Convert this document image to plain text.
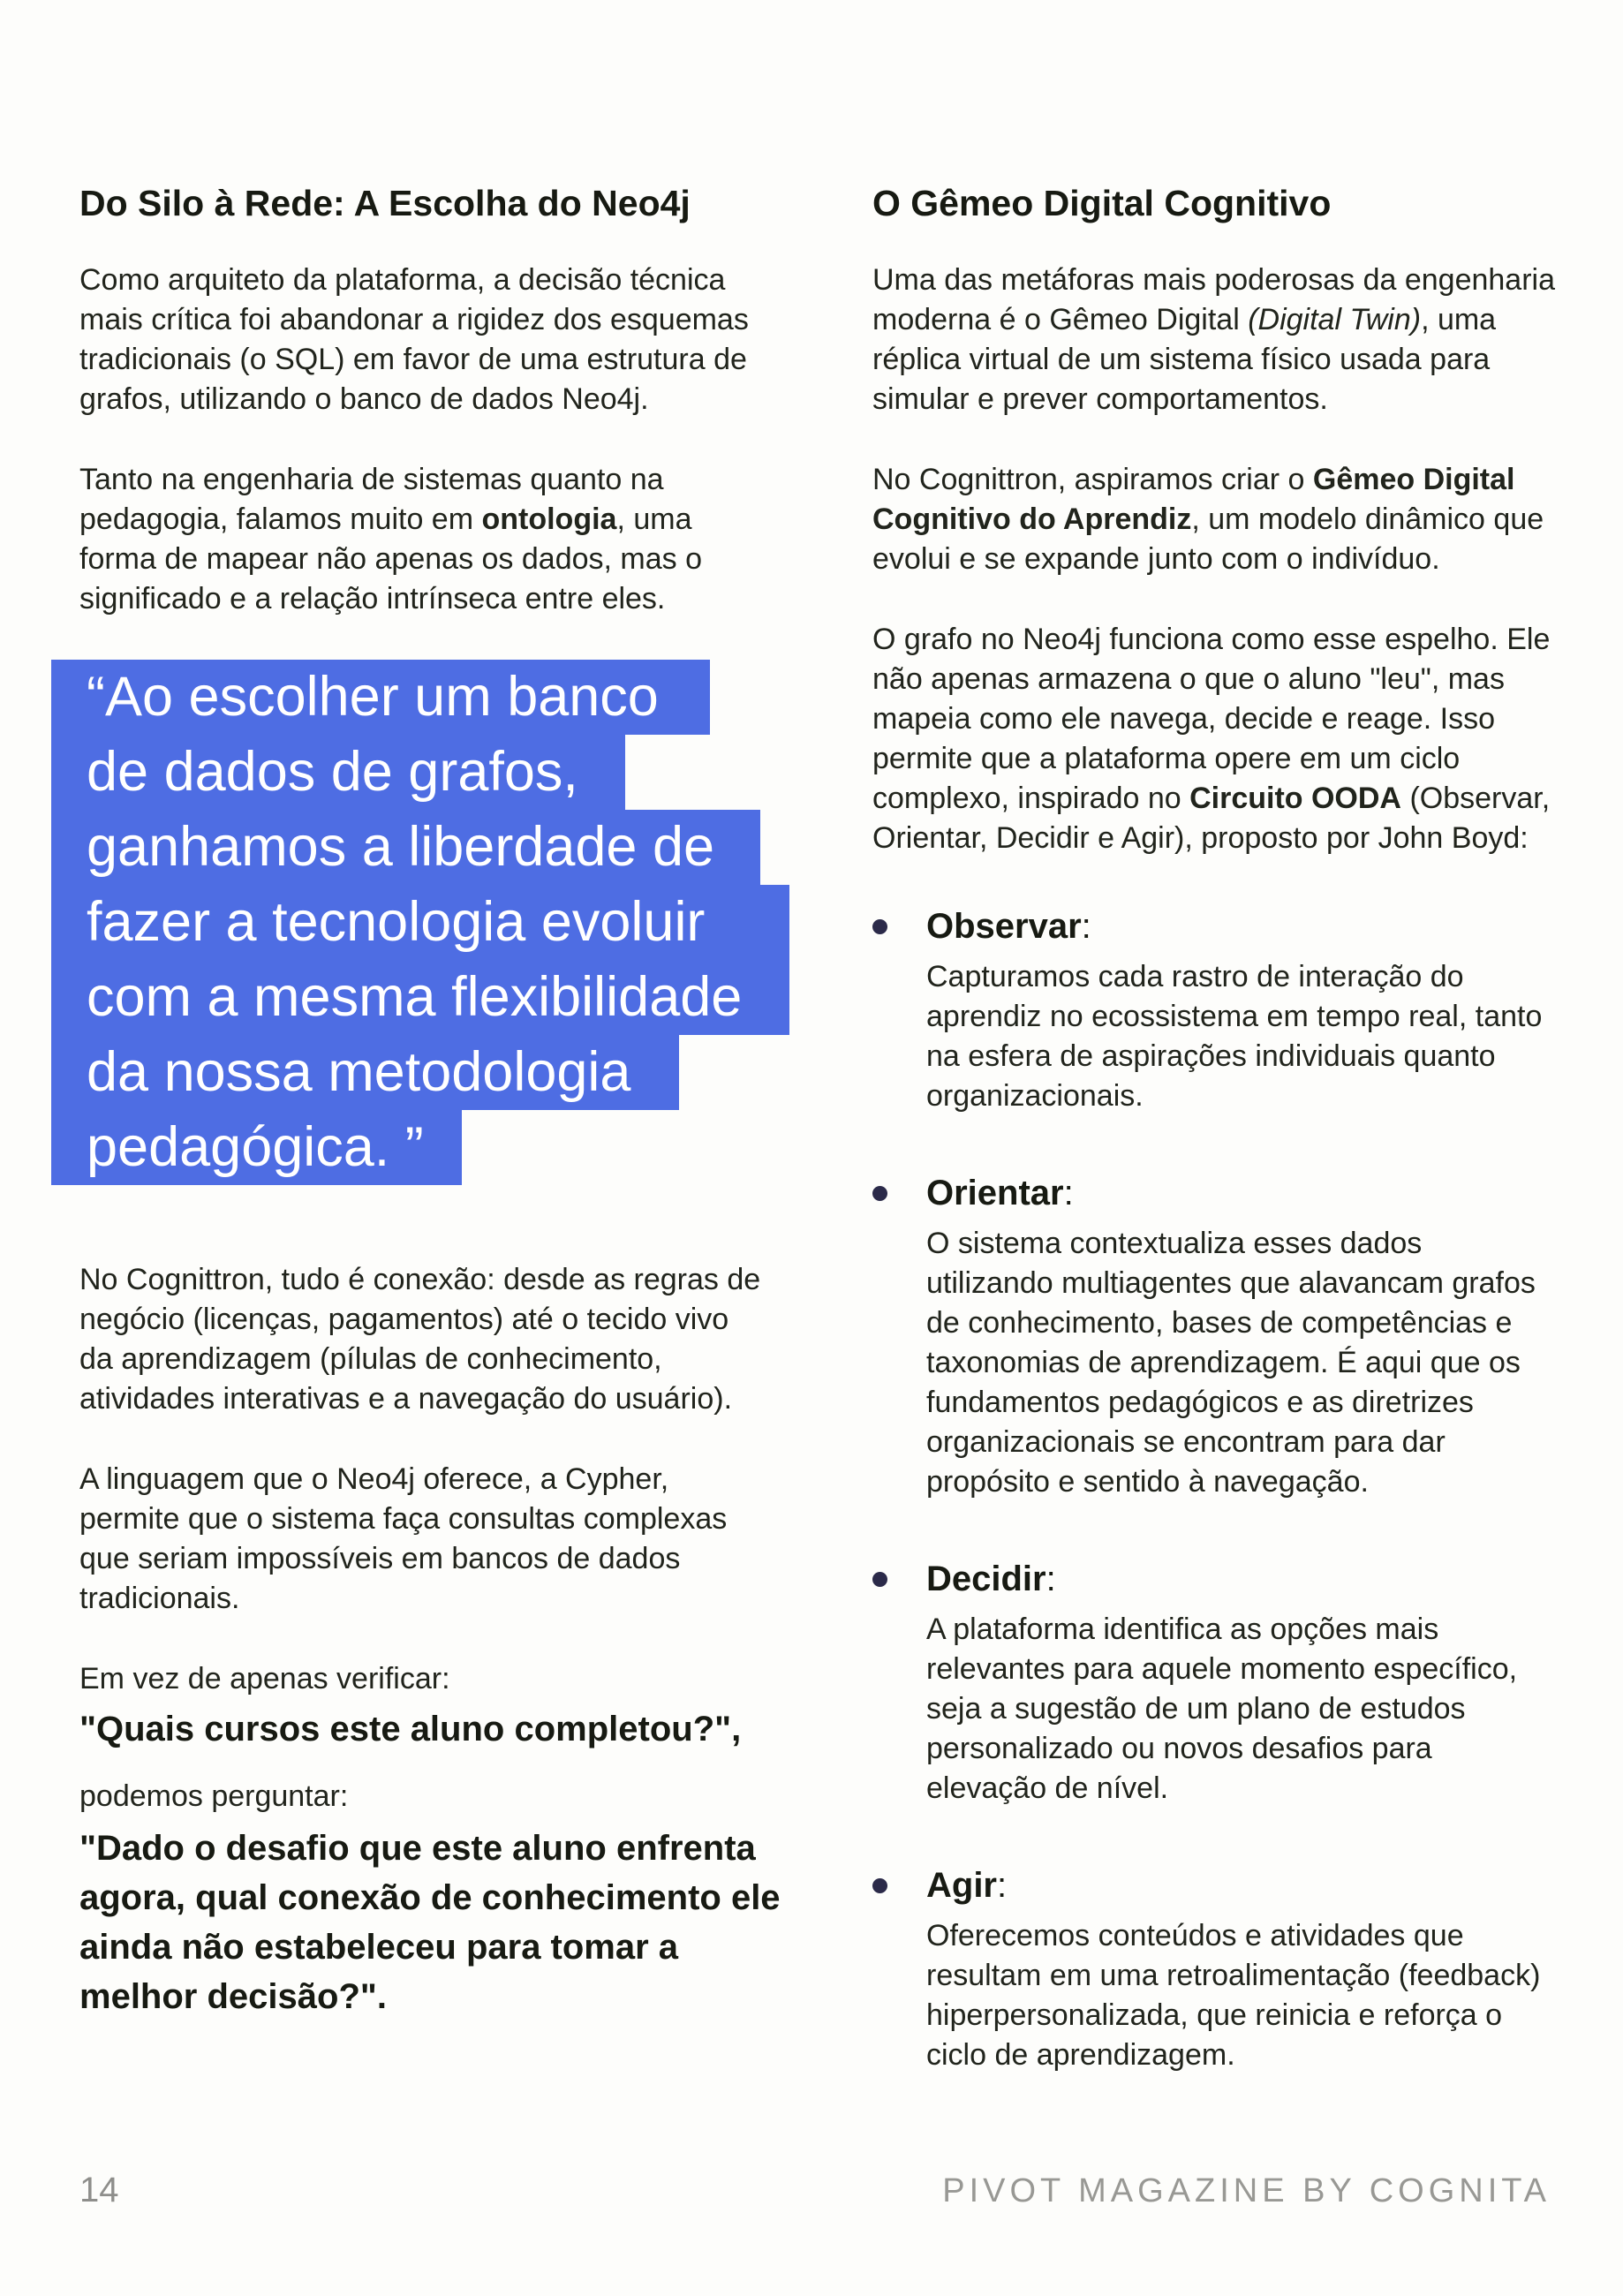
Do Silo à Rede: A Escolha do Neo4j

Como arquiteto da plataforma, a decisão técnica mais crítica foi abandonar a rigidez dos esquemas tradicionais (o SQL) em favor de uma estrutura de grafos, utilizando o banco de dados Neo4j.

Tanto na engenharia de sistemas quanto na pedagogia, falamos muito em ontologia, uma forma de mapear não apenas os dados, mas o significado e a relação intrínseca entre eles.

“Ao escolher um banco
de dados de grafos,
ganhamos a liberdade de
fazer a tecnologia evoluir
com a mesma flexibilidade
da nossa metodologia
pedagógica. ”

No Cognittron, tudo é conexão: desde as regras de negócio (licenças, pagamentos) até o tecido vivo da aprendizagem (pílulas de conhecimento, atividades interativas e a navegação do usuário).

A linguagem que o Neo4j oferece, a Cypher, permite que o sistema faça consultas complexas que seriam impossíveis em bancos de dados tradicionais.

Em vez de apenas verificar:

"Quais cursos este aluno completou?",

podemos perguntar:

"Dado o desafio que este aluno enfrenta agora, qual conexão de conhecimento ele ainda não estabeleceu para tomar a melhor decisão?".

O Gêmeo Digital Cognitivo

Uma das metáforas mais poderosas da engenharia moderna é o Gêmeo Digital (Digital Twin), uma réplica virtual de um sistema físico usada para simular e prever comportamentos.

No Cognittron, aspiramos criar o Gêmeo Digital Cognitivo do Aprendiz, um modelo dinâmico que evolui e se expande junto com o indivíduo.

O grafo no Neo4j funciona como esse espelho. Ele não apenas armazena o que o aluno "leu", mas mapeia como ele navega, decide e reage. Isso permite que a plataforma opere em um ciclo complexo, inspirado no Circuito OODA (Observar, Orientar, Decidir e Agir), proposto por John Boyd:

Observar:
Capturamos cada rastro de interação do aprendiz no ecossistema em tempo real, tanto na esfera de aspirações individuais quanto organizacionais.
Orientar:
O sistema contextualiza esses dados utilizando multiagentes que alavancam grafos de conhecimento, bases de competências e taxonomias de aprendizagem. É aqui que os fundamentos pedagógicos e as diretrizes organizacionais se encontram para dar propósito e sentido à navegação.
Decidir:
A plataforma identifica as opções mais relevantes para aquele momento específico, seja a sugestão de um plano de estudos personalizado ou novos desafios para elevação de nível.
Agir:
Oferecemos conteúdos e atividades que resultam em uma retroalimentação (feedback) hiperpersonalizada, que reinicia e reforça o ciclo de aprendizagem.
14	PIVOT MAGAZINE BY COGNITA
